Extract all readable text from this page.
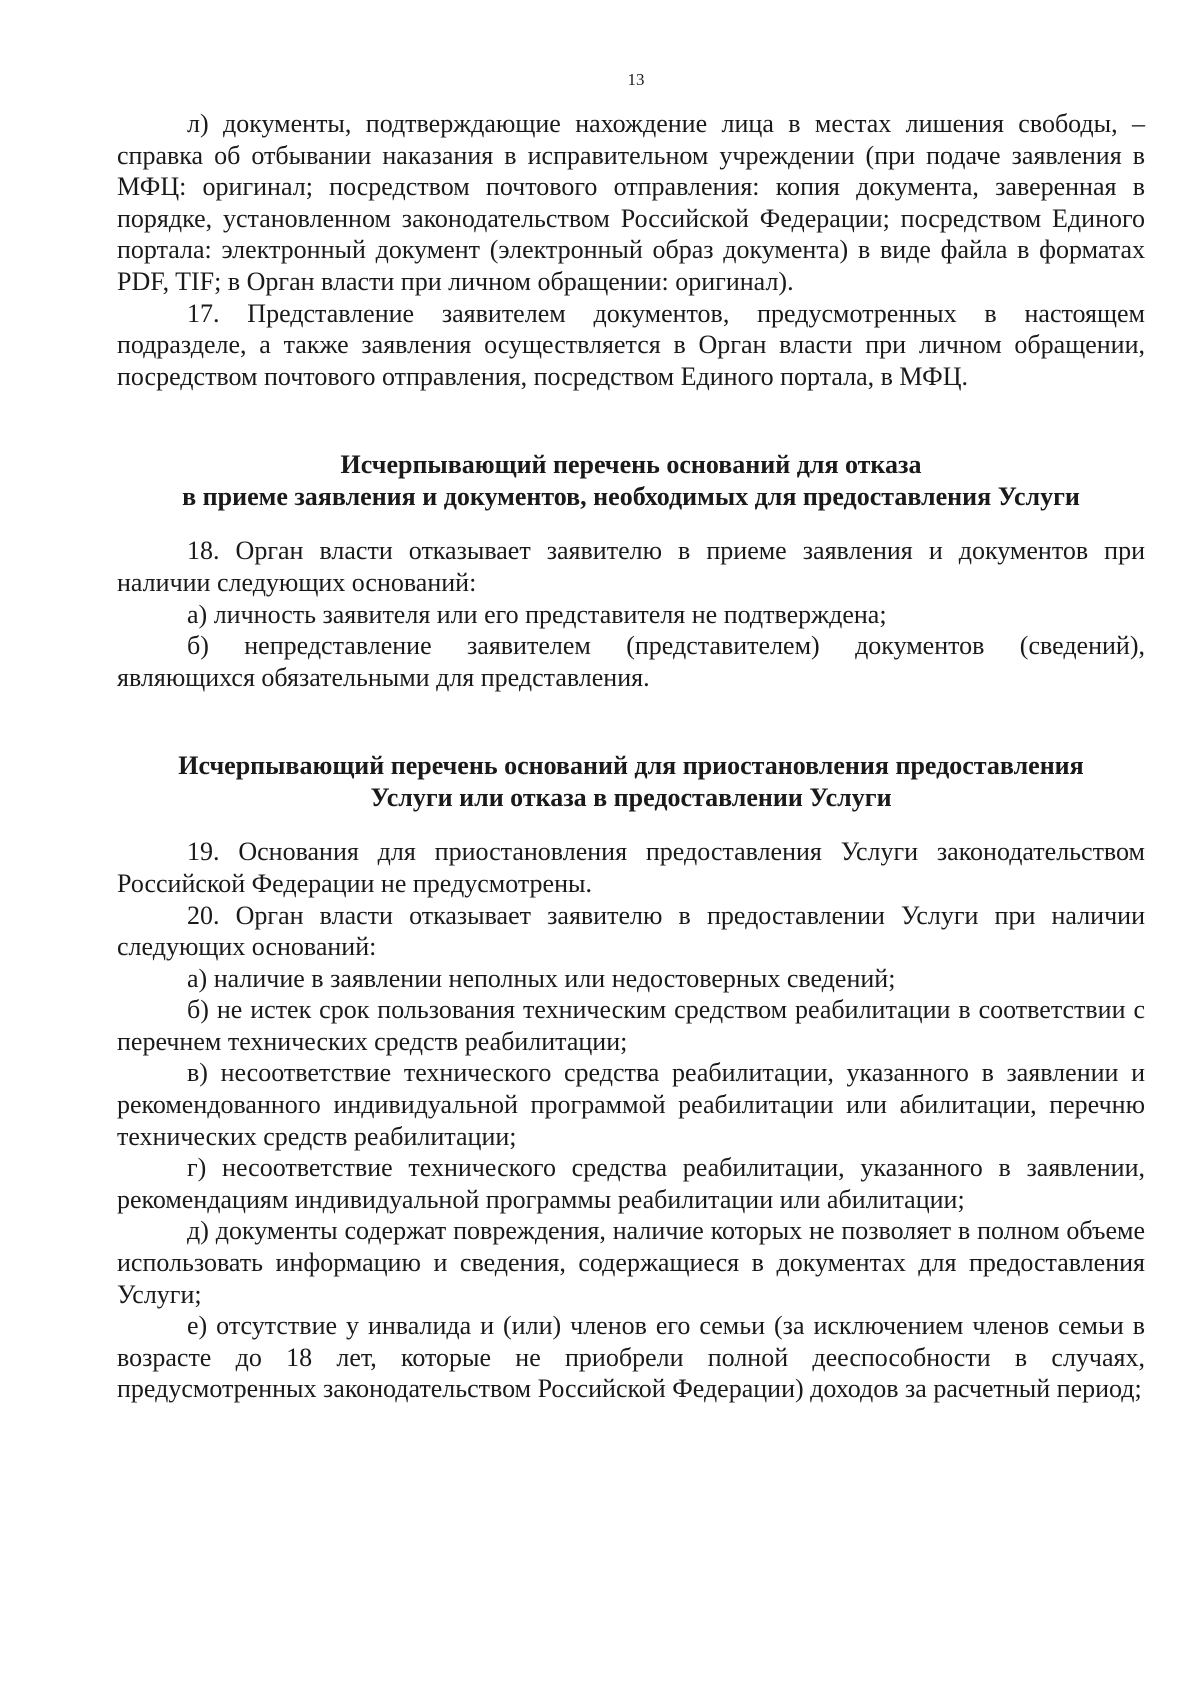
13

л) документы, подтверждающие нахождение лица в местах лишения свободы, – справка об отбывании наказания в исправительном учреждении (при подаче заявления в МФЦ: оригинал; посредством почтового отправления: копия документа, заверенная в порядке, установленном законодательством Российской Федерации; посредством Единого портала: электронный документ (электронный образ документа) в виде файла в форматах PDF, TIF; в Орган власти при личном обращении: оригинал).

17. Представление заявителем документов, предусмотренных в настоящем подразделе, а также заявления осуществляется в Орган власти при личном обращении, посредством почтового отправления, посредством Единого портала, в МФЦ.

Исчерпывающий перечень оснований для отказа
в приеме заявления и документов, необходимых для предоставления Услуги

18. Орган власти отказывает заявителю в приеме заявления и документов при наличии следующих оснований:

а) личность заявителя или его представителя не подтверждена;

б) непредставление заявителем (представителем) документов (сведений), являющихся обязательными для представления.

Исчерпывающий перечень оснований для приостановления предоставления
Услуги или отказа в предоставлении Услуги

19. Основания для приостановления предоставления Услуги законодательством Российской Федерации не предусмотрены.

20. Орган власти отказывает заявителю в предоставлении Услуги при наличии следующих оснований:

а) наличие в заявлении неполных или недостоверных сведений;

б) не истек срок пользования техническим средством реабилитации в соответствии с перечнем технических средств реабилитации;

в) несоответствие технического средства реабилитации, указанного в заявлении и рекомендованного индивидуальной программой реабилитации или абилитации, перечню технических средств реабилитации;

г) несоответствие технического средства реабилитации, указанного в заявлении, рекомендациям индивидуальной программы реабилитации или абилитации;

д) документы содержат повреждения, наличие которых не позволяет в полном объеме использовать информацию и сведения, содержащиеся в документах для предоставления Услуги;

е) отсутствие у инвалида и (или) членов его семьи (за исключением членов семьи в возрасте до 18 лет, которые не приобрели полной дееспособности в случаях, предусмотренных законодательством Российской Федерации) доходов за расчетный период;
